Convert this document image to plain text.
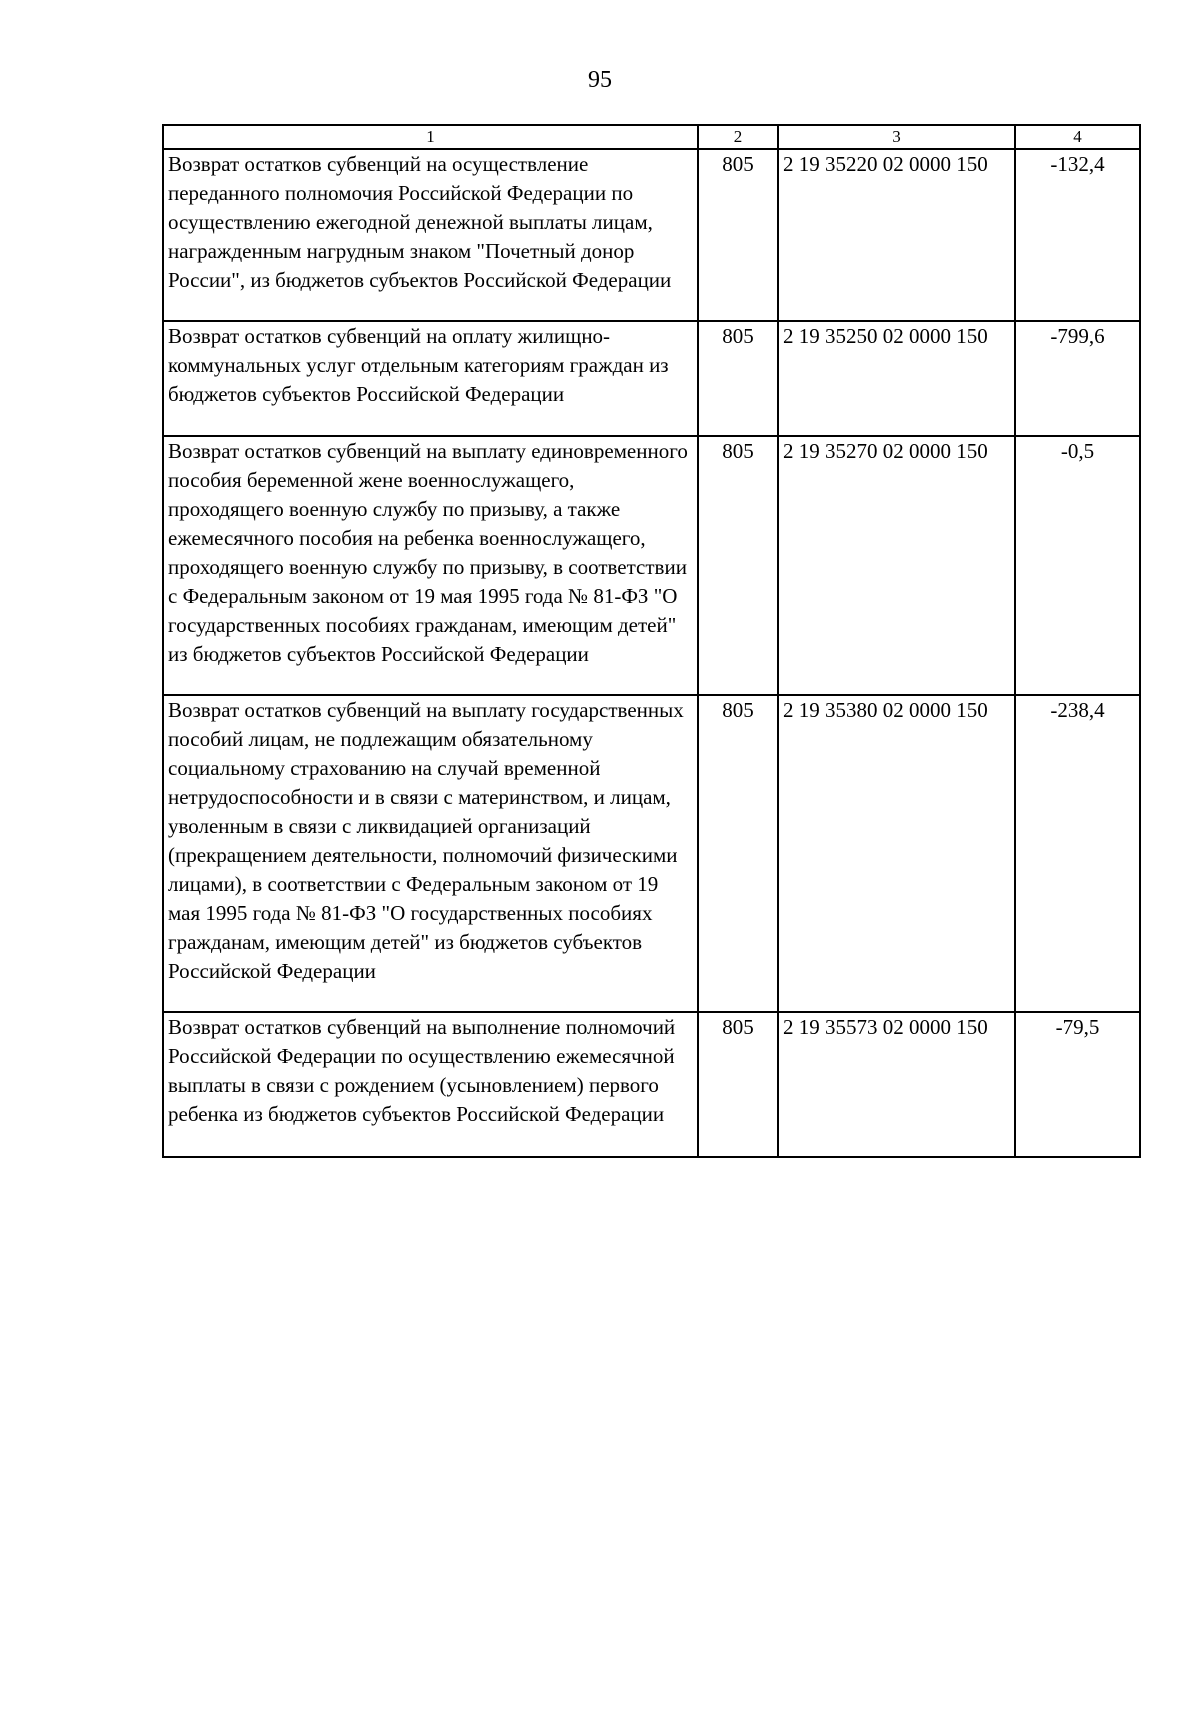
95
1	2	3	4
Возврат остатков субвенций на осуществление переданного полномочия Российской Федерации по осуществлению ежегодной денежной выплаты лицам, награжденным нагрудным знаком "Почетный донор России", из бюджетов субъектов Российской Федерации	805	2 19 35220 02 0000 150	-132,4
Возврат остатков субвенций на оплату жилищно-коммунальных услуг отдельным категориям граждан из бюджетов субъектов Российской Федерации	805	2 19 35250 02 0000 150	-799,6
Возврат остатков субвенций на выплату единовременного пособия беременной жене военнослужащего, проходящего военную службу по призыву, а также ежемесячного пособия на ребенка военнослужащего, проходящего военную службу по призыву, в соответствии с Федеральным законом от 19 мая 1995 года № 81-ФЗ "О государственных пособиях гражданам, имеющим детей" из бюджетов субъектов Российской Федерации	805	2 19 35270 02 0000 150	-0,5
Возврат остатков субвенций на выплату государственных пособий лицам, не подлежащим обязательному социальному страхованию на случай временной нетрудоспособности и в связи с материнством, и лицам, уволенным в связи с ликвидацией организаций (прекращением деятельности, полномочий физическими лицами), в соответствии с Федеральным законом от 19 мая 1995 года № 81-ФЗ "О государственных пособиях гражданам, имеющим детей" из бюджетов субъектов Российской Федерации	805	2 19 35380 02 0000 150	-238,4
Возврат остатков субвенций на выполнение полномочий Российской Федерации по осуществлению ежемесячной выплаты в связи с рождением (усыновлением) первого ребенка из бюджетов субъектов Российской Федерации	805	2 19 35573 02 0000 150	-79,5
